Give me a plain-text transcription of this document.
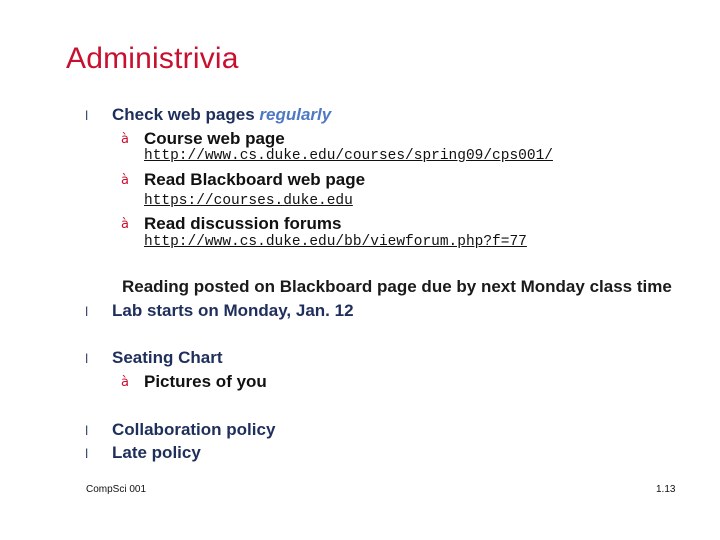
Administrivia
l Check web pages regularly
à Course web page
http://www.cs.duke.edu/courses/spring09/cps001/
à Read Blackboard web page
https://courses.duke.edu
à Read discussion forums
http://www.cs.duke.edu/bb/viewforum.php?f=77
Reading posted on Blackboard page due by next Monday class time
l Lab starts on Monday, Jan. 12
l Seating Chart
à Pictures of you
l Collaboration policy
l Late policy
CompSci 001	1.13
